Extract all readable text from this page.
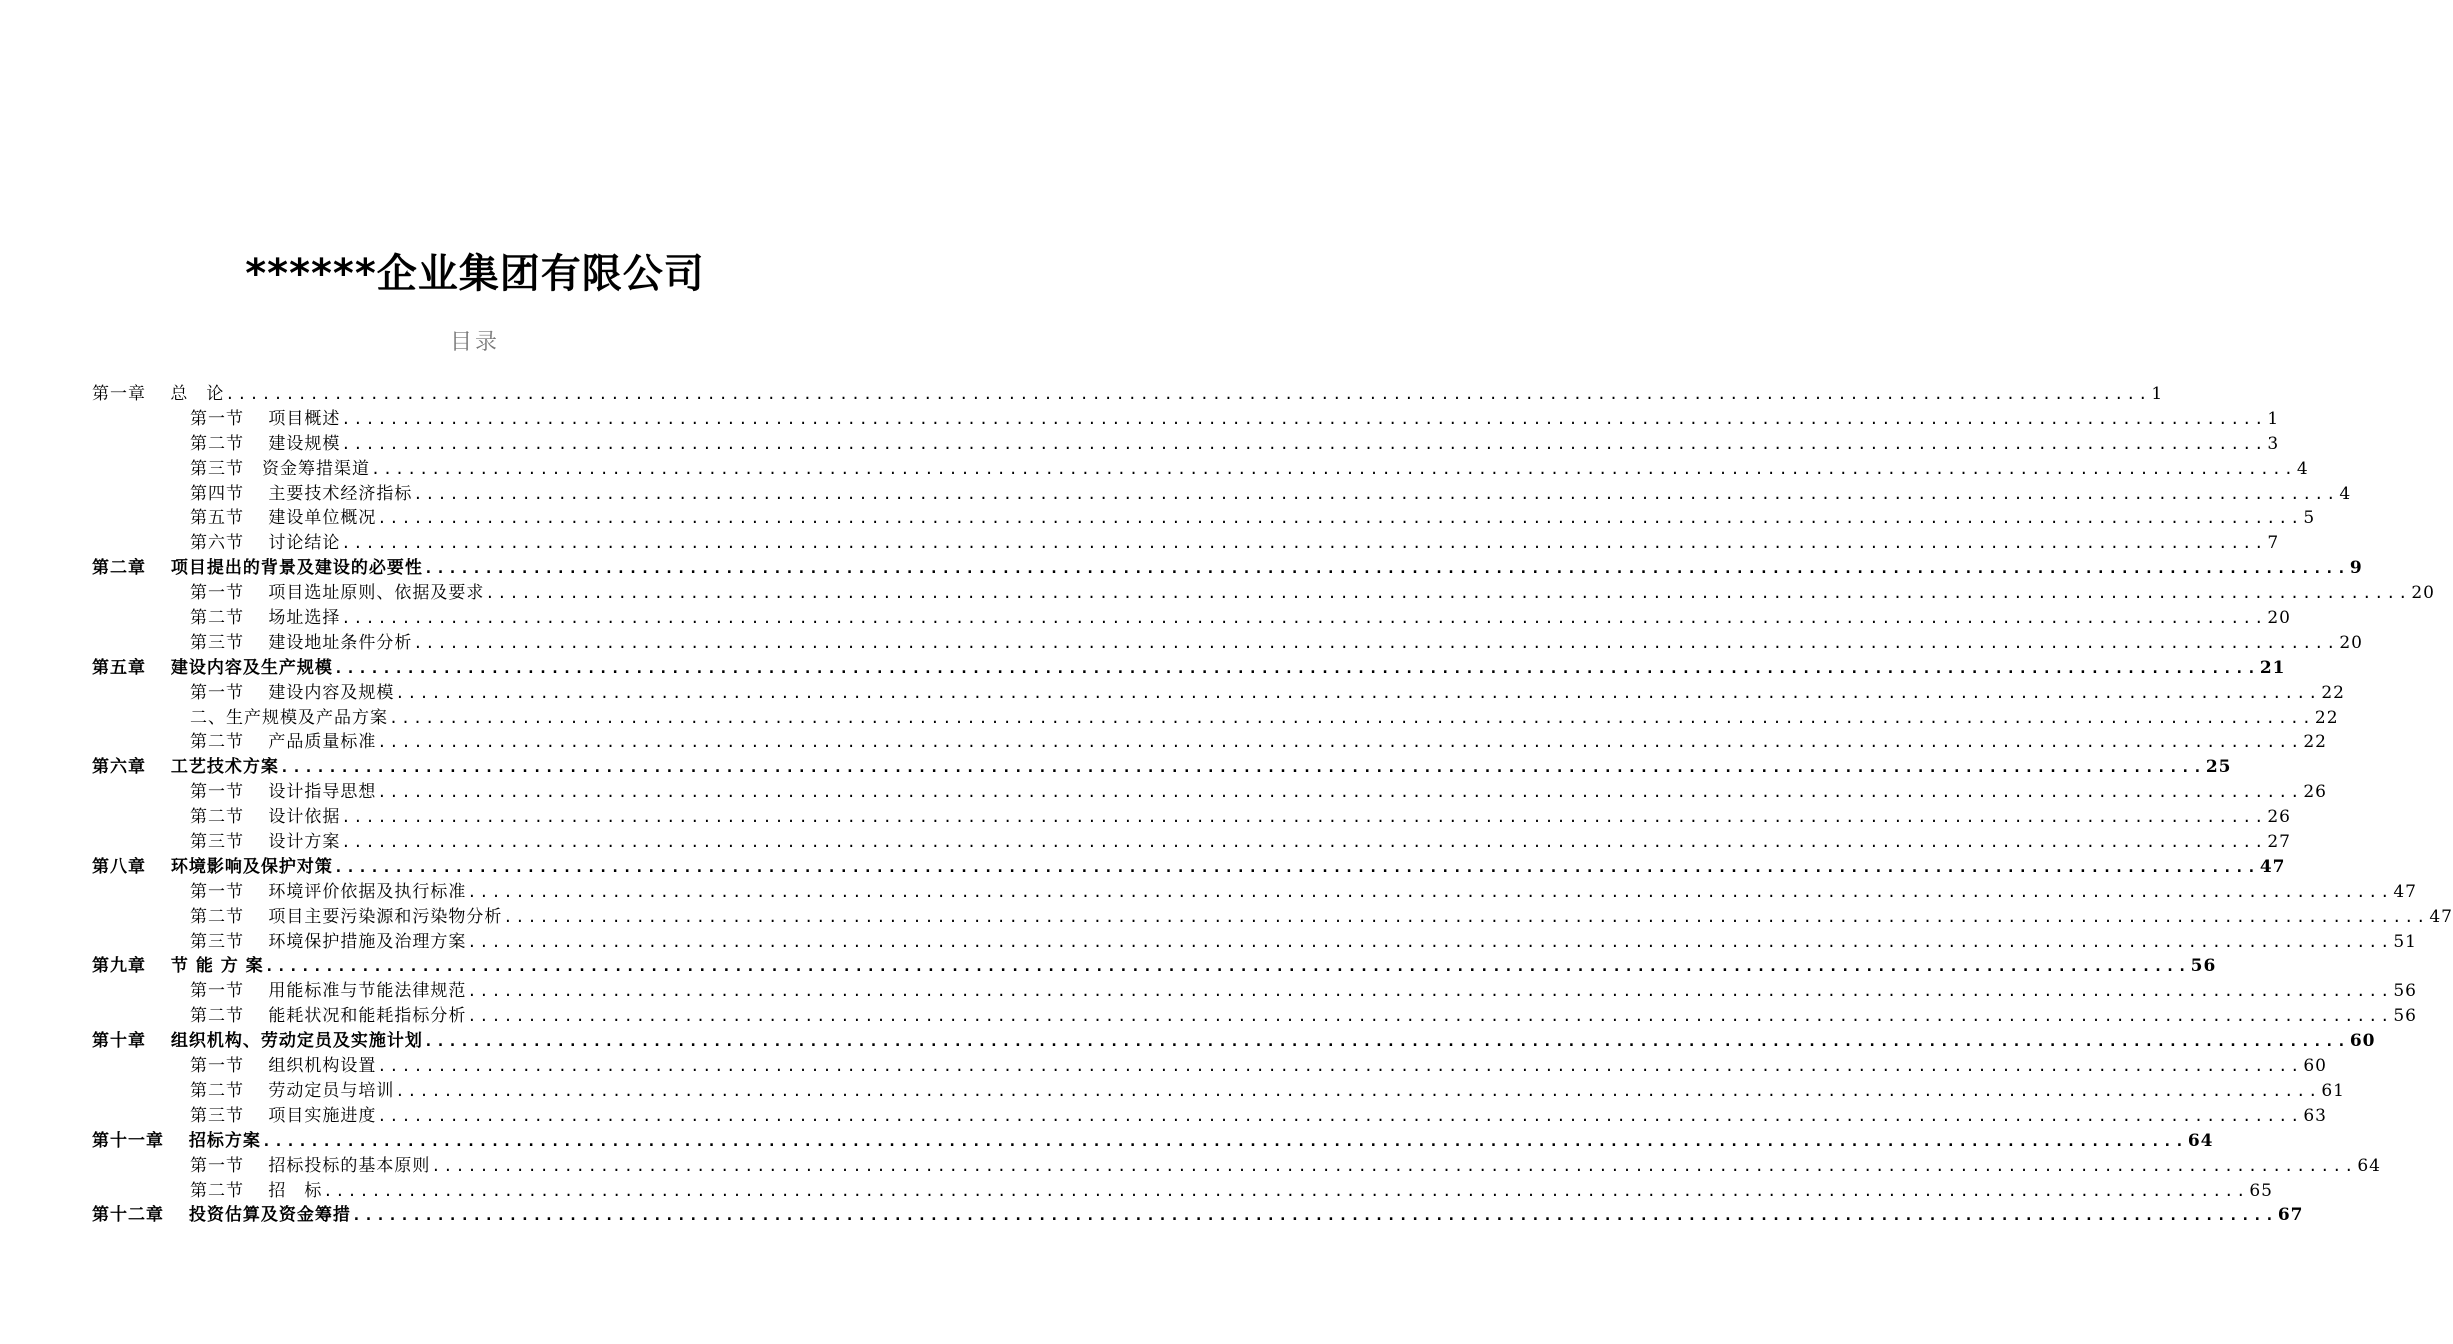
******企业集团有限公司
目录
第一章　 总　论 ................................................................................................................................................................ 1
第一节　 项目概述 ................................................................................................................................................................ 1
第二节　 建设规模 ................................................................................................................................................................ 3
第三节　资金筹措渠道 ................................................................................................................................................................ 4
第四节　 主要技术经济指标 ................................................................................................................................................................ 4
第五节　 建设单位概况 ................................................................................................................................................................ 5
第六节　 讨论结论 ................................................................................................................................................................ 7
第二章　 项目提出的背景及建设的必要性 ................................................................................................................................................................ 9
第一节　 项目选址原则、依据及要求 ................................................................................................................................................................ 20
第二节　 场址选择 ................................................................................................................................................................ 20
第三节　 建设地址条件分析 ................................................................................................................................................................ 20
第五章　 建设内容及生产规模 ................................................................................................................................................................ 21
第一节　 建设内容及规模 ................................................................................................................................................................ 22
二、生产规模及产品方案 ................................................................................................................................................................ 22
第二节　 产品质量标准 ................................................................................................................................................................ 22
第六章　 工艺技术方案 ................................................................................................................................................................ 25
第一节　 设计指导思想 ................................................................................................................................................................ 26
第二节　 设计依据 ................................................................................................................................................................ 26
第三节　 设计方案 ................................................................................................................................................................ 27
第八章　 环境影响及保护对策 ................................................................................................................................................................ 47
第一节　 环境评价依据及执行标准 ................................................................................................................................................................ 47
第二节　 项目主要污染源和污染物分析 ................................................................................................................................................................ 47
第三节　 环境保护措施及治理方案 ................................................................................................................................................................ 51
第九章　 节 能 方 案 ................................................................................................................................................................ 56
第一节　 用能标准与节能法律规范 ................................................................................................................................................................ 56
第二节　 能耗状况和能耗指标分析 ................................................................................................................................................................ 56
第十章　 组织机构、劳动定员及实施计划 ................................................................................................................................................................ 60
第一节　 组织机构设置 ................................................................................................................................................................ 60
第二节　 劳动定员与培训 ................................................................................................................................................................ 61
第三节　 项目实施进度 ................................................................................................................................................................ 63
第十一章　 招标方案 ................................................................................................................................................................ 64
第一节　 招标投标的基本原则 ................................................................................................................................................................ 64
第二节　 招　标 ................................................................................................................................................................ 65
第十二章　 投资估算及资金筹措 ................................................................................................................................................................ 67
